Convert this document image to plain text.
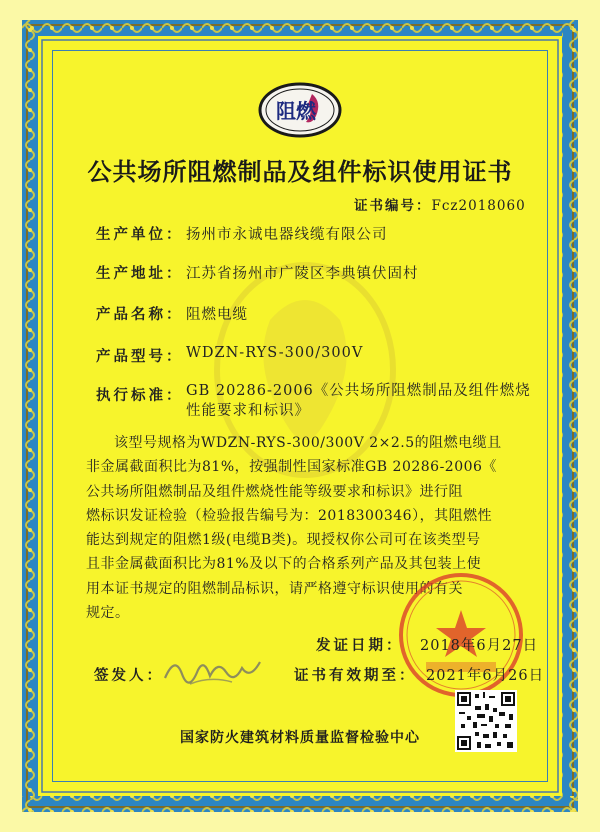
阻燃
公共场所阻燃制品及组件标识使用证书
证书编号：Fcz2018060
生产单位： 扬州市永诚电器线缆有限公司
生产地址： 江苏省扬州市广陵区李典镇伏固村
产品名称： 阻燃电缆
产品型号： WDZN-RYS-300/300V
执行标准： GB 20286-2006《公共场所阻燃制品及组件燃烧
性能要求和标识》
该型号规格为WDZN-RYS-300/300V 2×2.5的阻燃电缆且
非金属截面积比为81%，按强制性国家标准GB 20286-2006《
公共场所阻燃制品及组件燃烧性能等级要求和标识》进行阻
燃标识发证检验（检验报告编号为：2018300346），其阻燃性
能达到规定的阻燃1级(电缆B类)。现授权你公司可在该类型号
且非金属截面积比为81%及以下的合格系列产品及其包装上使
用本证书规定的阻燃制品标识，请严格遵守标识使用的有关
规定。
发证日期： 2018年6月27日
签发人：	证书有效期至： 2021年6月26日
国家防火建筑材料质量监督检验中心
